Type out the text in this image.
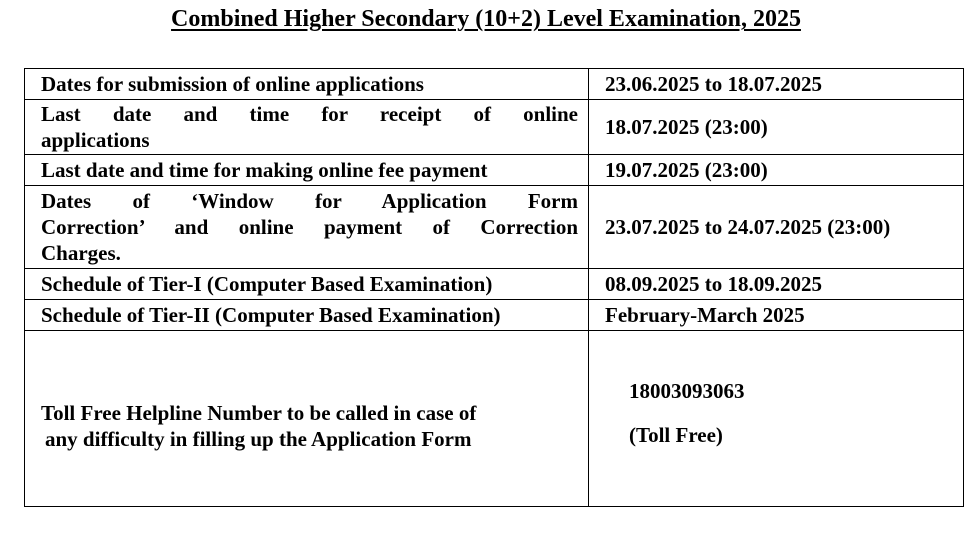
Combined Higher Secondary (10+2) Level Examination, 2025
Dates for submission of online applications	23.06.2025 to 18.07.2025

Last date and time for receipt of online
applications	18.07.2025 (23:00)
Last date and time for making online fee payment	19.07.2025 (23:00)

Dates of ‘Window for Application Form
Correction’ and online payment of Correction
Charges.	23.07.2025 to 24.07.2025 (23:00)
Schedule of Tier-I (Computer Based Examination)	08.09.2025 to 18.09.2025
Schedule of Tier-II (Computer Based Examination)	February-March 2025

Toll Free Helpline Number to be called in case of
any difficulty in filling up the Application Form	18003093063
(Toll Free)
